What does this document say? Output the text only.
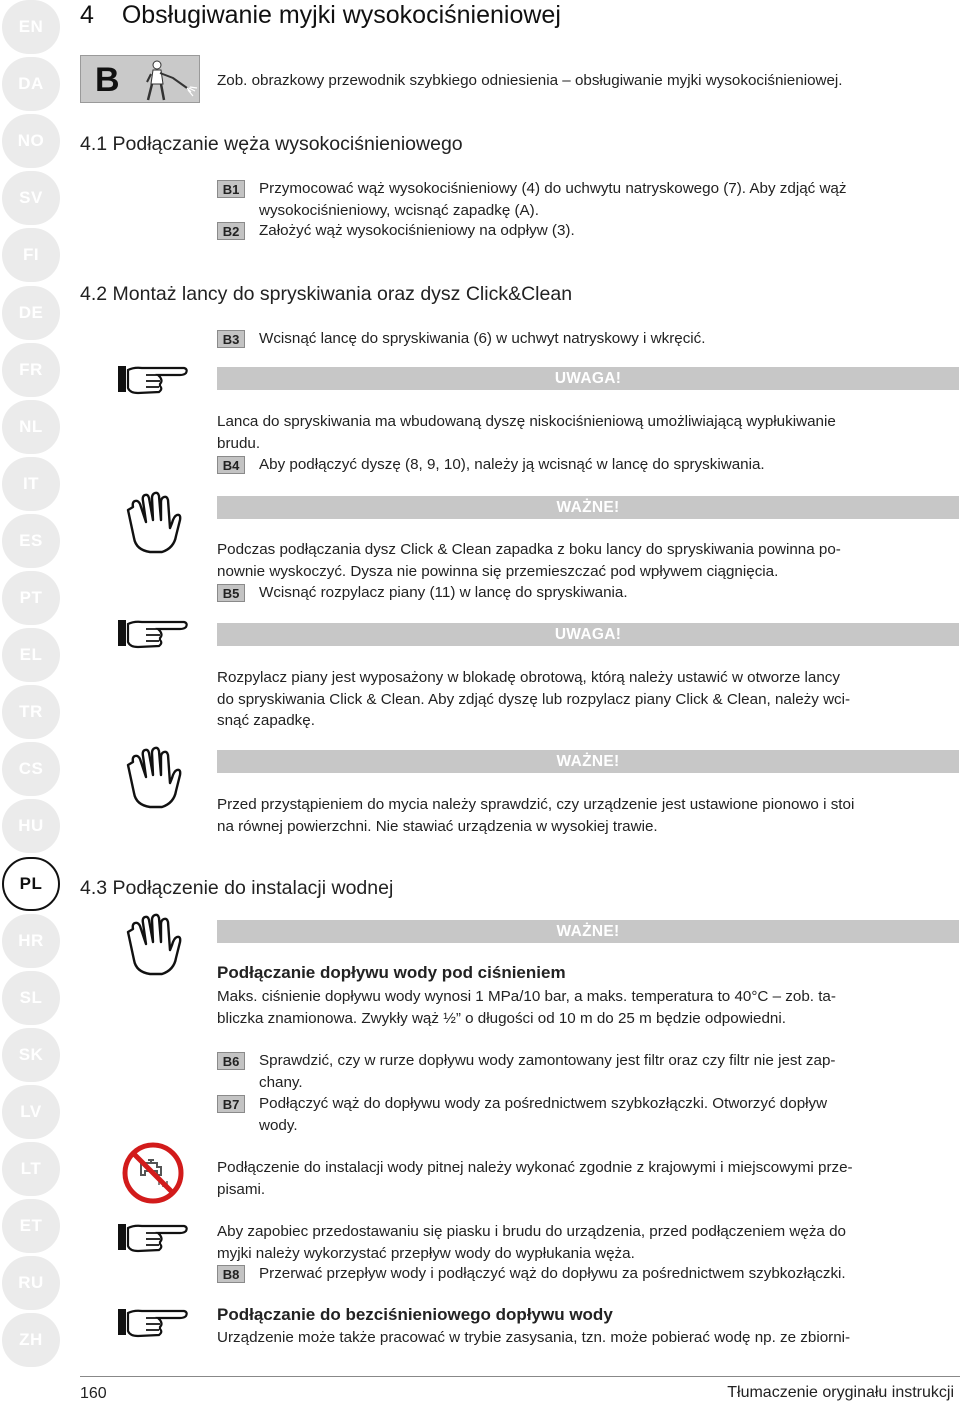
EN
DA
NO
SV
FI
DE
FR
NL
IT
ES
PT
EL
TR
CS
HU
PL
HR
SL
SK
LV
LT
ET
RU
ZH
4 Obsługiwanie myjki wysokociśnieniowej
B	Zob. obrazkowy przewodnik szybkiego odniesienia – obsługiwanie myjki wysokociśnieniowej.
4.1 Podłączanie węża wysokociśnieniowego
B1	Przymocować wąż wysokociśnieniowy (4) do uchwytu natryskowego (7). Aby zdjąć wąż
wysokociśnieniowy, wcisnąć zapadkę (A).
B2	Założyć wąż wysokociśnieniowy na odpływ (3).
4.2 Montaż lancy do spryskiwania oraz dysz Click&Clean
B3	Wcisnąć lancę do spryskiwania (6) w uchwyt natryskowy i wkręcić.
UWAGA!
Lanca do spryskiwania ma wbudowaną dyszę niskociśnieniową umożliwiającą wypłukiwanie
brudu.
B4	Aby podłączyć dyszę (8, 9, 10), należy ją wcisnąć w lancę do spryskiwania.
WAŻNE!
Podczas podłączania dysz Click & Clean zapadka z boku lancy do spryskiwania powinna po-
nownie wyskoczyć. Dysza nie powinna się przemieszczać pod wpływem ciągnięcia.
B5	Wcisnąć rozpylacz piany (11) w lancę do spryskiwania.
UWAGA!
Rozpylacz piany jest wyposażony w blokadę obrotową, którą należy ustawić w otworze lancy
do spryskiwania Click & Clean. Aby zdjąć dyszę lub rozpylacz piany Click & Clean, należy wci-
snąć zapadkę.
WAŻNE!
Przed przystąpieniem do mycia należy sprawdzić, czy urządzenie jest ustawione pionowo i stoi
na równej powierzchni. Nie stawiać urządzenia w wysokiej trawie.
4.3 Podłączenie do instalacji wodnej
WAŻNE!
Podłączanie dopływu wody pod ciśnieniem
Maks. ciśnienie dopływu wody wynosi 1 MPa/10 bar, a maks. temperatura to 40°C – zob. ta-
bliczka znamionowa. Zwykły wąż ½” o długości od 10 m do 25 m będzie odpowiedni.
B6	Sprawdzić, czy w rurze dopływu wody zamontowany jest filtr oraz czy filtr nie jest zap-
chany.
B7	Podłączyć wąż do dopływu wody za pośrednictwem szybkozłączki. Otworzyć dopływ
wody.
Podłączenie do instalacji wody pitnej należy wykonać zgodnie z krajowymi i miejscowymi prze-
pisami.
Aby zapobiec przedostawaniu się piasku i brudu do urządzenia, przed podłączeniem węża do
myjki należy wykorzystać przepływ wody do wypłukania węża.
B8	Przerwać przepływ wody i podłączyć wąż do dopływu za pośrednictwem szybkozłączki.
Podłączanie do bezciśnieniowego dopływu wody
Urządzenie może także pracować w trybie zasysania, tzn. może pobierać wodę np. ze zbiorni-
160	Tłumaczenie oryginału instrukcji
